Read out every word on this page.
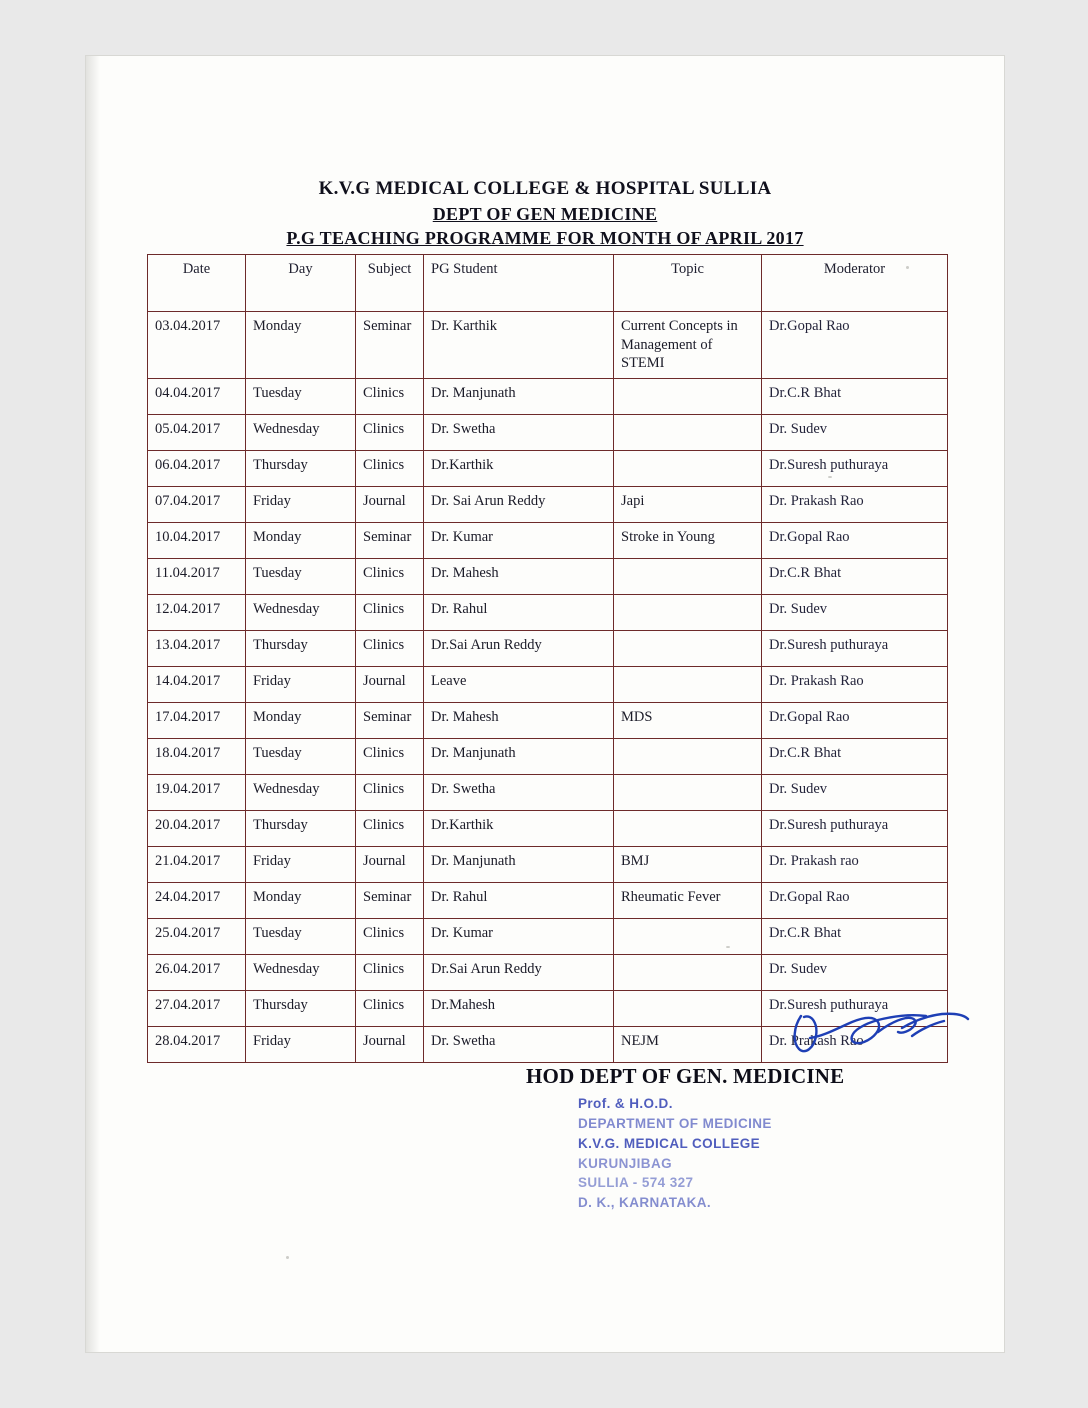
K.V.G MEDICAL COLLEGE & HOSPITAL SULLIA
DEPT OF GEN MEDICINE
P.G TEACHING PROGRAMME FOR MONTH OF APRIL 2017
Date	Day	Subject	PG Student	Topic	Moderator
03.04.2017	Monday	Seminar	Dr. Karthik	Current Concepts in Management of STEMI	Dr.Gopal Rao
04.04.2017	Tuesday	Clinics	Dr. Manjunath		Dr.C.R Bhat
05.04.2017	Wednesday	Clinics	Dr. Swetha		Dr. Sudev
06.04.2017	Thursday	Clinics	Dr.Karthik		Dr.Suresh puthuraya
07.04.2017	Friday	Journal	Dr. Sai Arun Reddy	Japi	Dr. Prakash Rao
10.04.2017	Monday	Seminar	Dr. Kumar	Stroke in Young	Dr.Gopal Rao
11.04.2017	Tuesday	Clinics	Dr. Mahesh		Dr.C.R Bhat
12.04.2017	Wednesday	Clinics	Dr. Rahul		Dr. Sudev
13.04.2017	Thursday	Clinics	Dr.Sai Arun Reddy		Dr.Suresh puthuraya
14.04.2017	Friday	Journal	Leave		Dr. Prakash Rao
17.04.2017	Monday	Seminar	Dr. Mahesh	MDS	Dr.Gopal Rao
18.04.2017	Tuesday	Clinics	Dr. Manjunath		Dr.C.R Bhat
19.04.2017	Wednesday	Clinics	Dr. Swetha		Dr. Sudev
20.04.2017	Thursday	Clinics	Dr.Karthik		Dr.Suresh puthuraya
21.04.2017	Friday	Journal	Dr. Manjunath	BMJ	Dr. Prakash rao
24.04.2017	Monday	Seminar	Dr. Rahul	Rheumatic Fever	Dr.Gopal Rao
25.04.2017	Tuesday	Clinics	Dr. Kumar		Dr.C.R Bhat
26.04.2017	Wednesday	Clinics	Dr.Sai Arun Reddy		Dr. Sudev
27.04.2017	Thursday	Clinics	Dr.Mahesh		Dr.Suresh puthuraya
28.04.2017	Friday	Journal	Dr. Swetha	NEJM	Dr. Prakash Rao
HOD DEPT OF GEN. MEDICINE
Prof. & H.O.D.
DEPARTMENT OF MEDICINE
K.V.G. MEDICAL COLLEGE
KURUNJIBAG
SULLIA - 574 327
D. K., KARNATAKA.
